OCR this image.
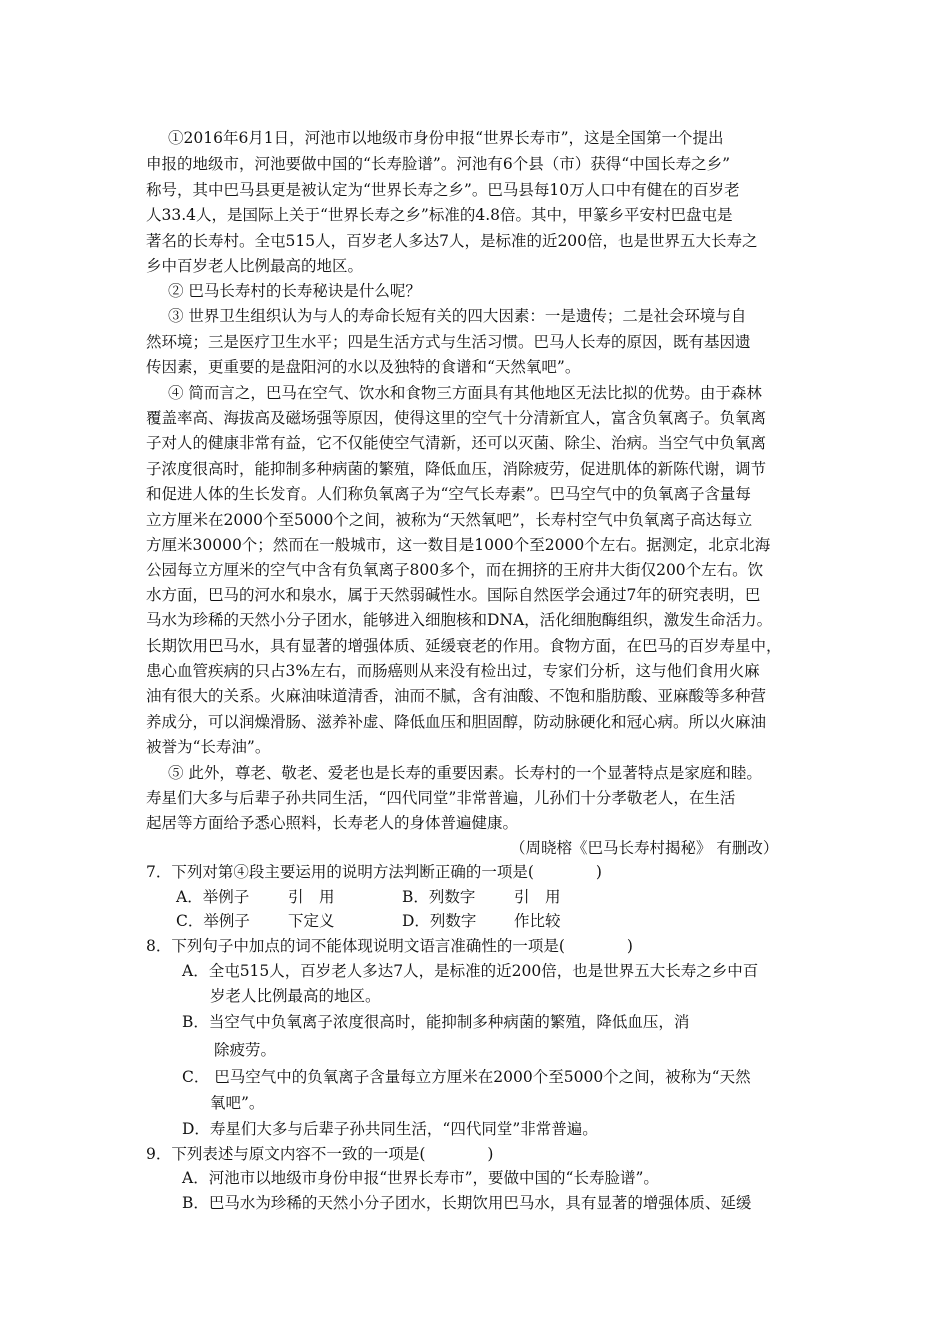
①2016年6月1日，河池市以地级市身份申报“世界长寿市”，这是全国第一个提出
申报的地级市，河池要做中国的“长寿脸谱”。河池有6个县（市）获得“中国长寿之乡”
称号，其中巴马县更是被认定为“世界长寿之乡”。巴马县每10万人口中有健在的百岁老
人33.4人，是国际上关于“世界长寿之乡”标准的4.8倍。其中，甲篆乡平安村巴盘屯是
著名的长寿村。全屯515人，百岁老人多达7人，是标准的近200倍，也是世界五大长寿之
乡中百岁老人比例最高的地区。
② 巴马长寿村的长寿秘诀是什么呢？
③ 世界卫生组织认为与人的寿命长短有关的四大因素：一是遗传；二是社会环境与自
然环境；三是医疗卫生水平；四是生活方式与生活习惯。巴马人长寿的原因，既有基因遗
传因素，更重要的是盘阳河的水以及独特的食谱和“天然氧吧”。
④ 简而言之，巴马在空气、饮水和食物三方面具有其他地区无法比拟的优势。由于森林
覆盖率高、海拔高及磁场强等原因，使得这里的空气十分清新宜人，富含负氧离子。负氧离
子对人的健康非常有益，它不仅能使空气清新，还可以灭菌、除尘、治病。当空气中负氧离
子浓度很高时，能抑制多种病菌的繁殖，降低血压，消除疲劳，促进肌体的新陈代谢，调节
和促进人体的生长发育。人们称负氧离子为“空气长寿素”。巴马空气中的负氧离子含量每
立方厘米在2000个至5000个之间，被称为“天然氧吧”，长寿村空气中负氧离子高达每立
方厘米30000个；然而在一般城市，这一数目是1000个至2000个左右。据测定，北京北海
公园每立方厘米的空气中含有负氧离子800多个，而在拥挤的王府井大街仅200个左右。饮
水方面，巴马的河水和泉水，属于天然弱碱性水。国际自然医学会通过7年的研究表明，巴
马水为珍稀的天然小分子团水，能够进入细胞核和DNA，活化细胞酶组织，激发生命活力。
长期饮用巴马水，具有显著的增强体质、延缓衰老的作用。食物方面，在巴马的百岁寿星中，
患心血管疾病的只占3%左右，而肠癌则从来没有检出过，专家们分析，这与他们食用火麻
油有很大的关系。火麻油味道清香，油而不腻，含有油酸、不饱和脂肪酸、亚麻酸等多种营
养成分，可以润燥滑肠、滋养补虚、降低血压和胆固醇，防动脉硬化和冠心病。所以火麻油
被誉为“长寿油”。
⑤ 此外，尊老、敬老、爱老也是长寿的重要因素。长寿村的一个显著特点是家庭和睦。
寿星们大多与后辈子孙共同生活，“四代同堂”非常普遍，儿孙们十分孝敬老人，在生活
起居等方面给予悉心照料，长寿老人的身体普遍健康。
（周晓榕《巴马长寿村揭秘》 有删改）
7．下列对第④段主要运用的说明方法判断正确的一项是(　　　　)
A．举例子	引　用	B．列数字 引　用
C．举例子 下定义	D．列数字 作比较
8．下列句子中加点的词不能体现说明文语言准确性的一项是(　　　　)
A．全屯515人，百岁老人多达7人，是标准的近200倍，也是世界五大长寿之乡中百
岁老人比例最高的地区。
B．当空气中负氧离子浓度很高时，能抑制多种病菌的繁殖，降低血压，消
除疲劳。
C． 巴马空气中的负氧离子含量每立方厘米在2000个至5000个之间，被称为“天然
氧吧”。
D．寿星们大多与后辈子孙共同生活，“四代同堂”非常普遍。
9．下列表述与原文内容不一致的一项是(　　　　)
A．河池市以地级市身份申报“世界长寿市”，要做中国的“长寿脸谱”。
B．巴马水为珍稀的天然小分子团水，长期饮用巴马水，具有显著的增强体质、延缓
